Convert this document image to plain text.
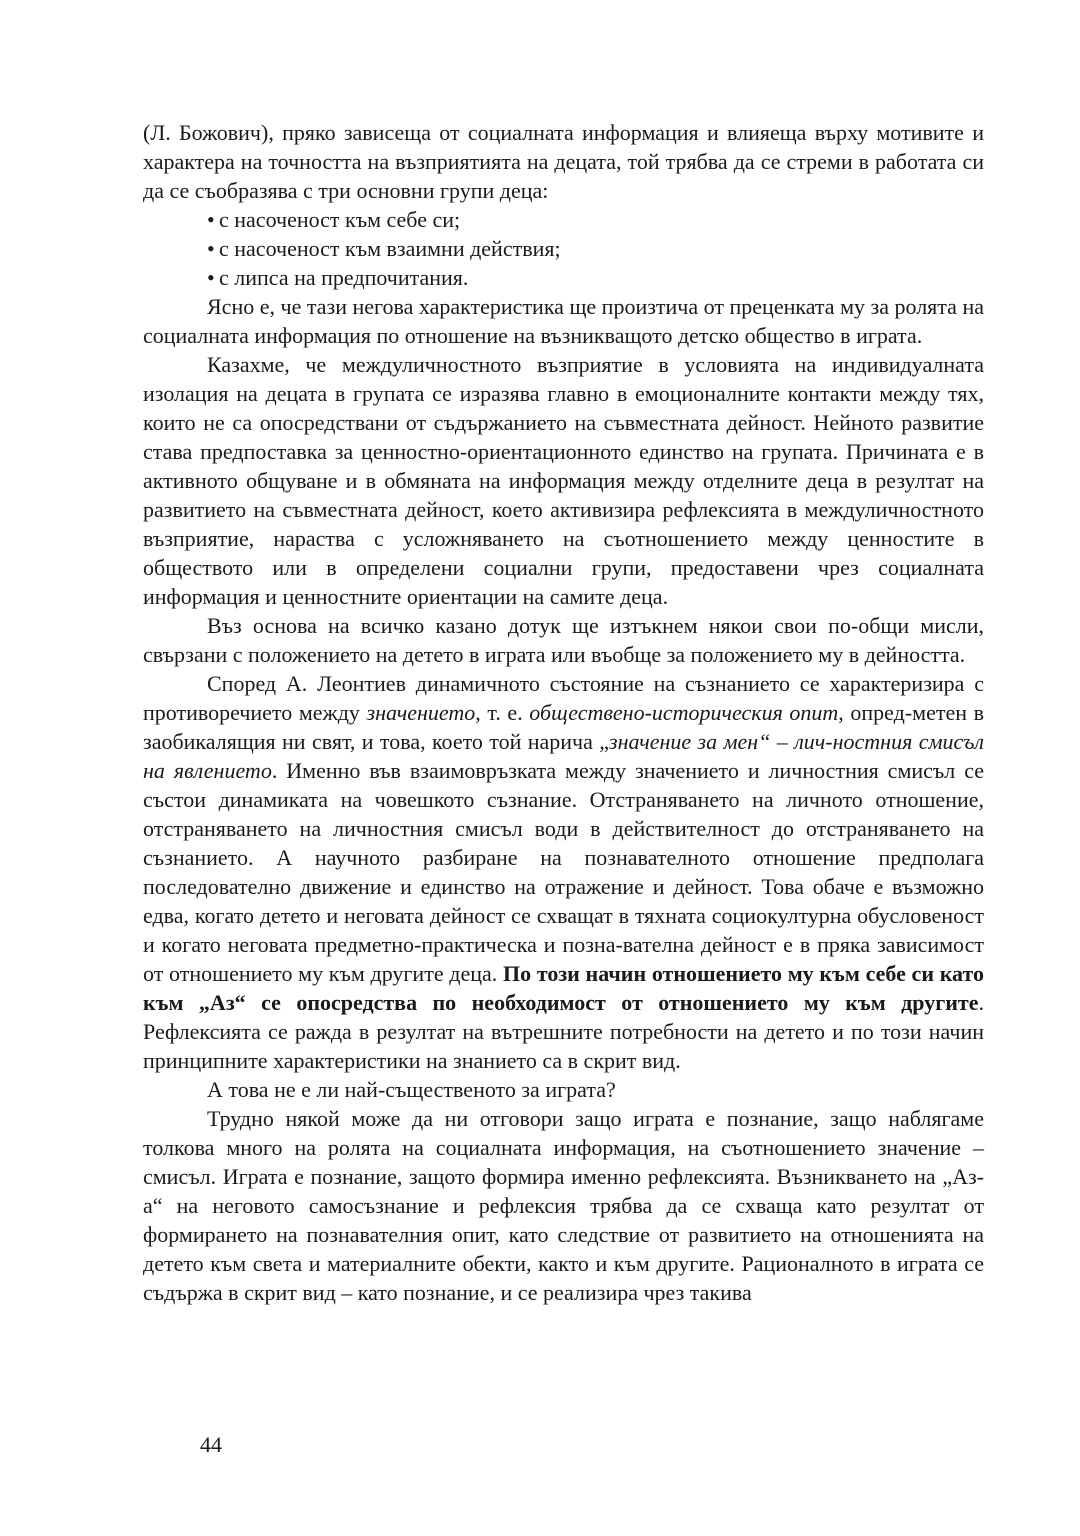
(Л. Божович), пряко зависеща от социалната информация и влияеща върху мотивите и характера на точността на възприятията на децата, той трябва да се стреми в работата си да се съобразява с три основни групи деца:

• с насоченост към себе си;

• с насоченост към взаимни действия;

• с липса на предпочитания.

Ясно е, че тази негова характеристика ще произтича от преценката му за ролята на социалната информация по отношение на възникващото детско общество в играта.

Казахме, че междуличностното възприятие в условията на индивидуалната изолация на децата в групата се изразява главно в емоционалните контакти между тях, които не са опосредствани от съдържанието на съвместната дейност. Нейното развитие става предпоставка за ценностно-ориентационното единство на групата. Причината е в активното общуване и в обмяната на информация между отделните деца в резултат на развитието на съвместната дейност, което активизира рефлексията в междуличностното възприятие, нараства с усложняването на съотношението между ценностите в обществото или в определени социални групи, предоставени чрез социалната информация и ценностните ориентации на самите деца.

Въз основа на всичко казано дотук ще изтъкнем някои свои по-общи мисли, свързани с положението на детето в играта или въобще за положението му в дейността.

Според А. Леонтиев динамичното състояние на съзнанието се характеризира с противоречието между значението, т. е. обществено-историческия опит, опред-метен в заобикалящия ни свят, и това, което той нарича „значение за мен“ – лич-ностния смисъл на явлението. Именно във взаимовръзката между значението и личностния смисъл се състои динамиката на човешкото съзнание. Отстраняването на личното отношение, отстраняването на личностния смисъл води в действителност до отстраняването на съзнанието. А научното разбиране на познавателното отношение предполага последователно движение и единство на отражение и дейност. Това обаче е възможно едва, когато детето и неговата дейност се схващат в тяхната социокултурна обусловеност и когато неговата предметно-практическа и позна-вателна дейност е в пряка зависимост от отношението му към другите деца. По този начин отношението му към себе си като към „Аз“ се опосредства по необходимост от отношението му към другите. Рефлексията се ражда в резултат на вътрешните потребности на детето и по този начин принципните характеристики на знанието са в скрит вид.

А това не е ли най-същественото за играта?

Трудно някой може да ни отговори защо играта е познание, защо наблягаме толкова много на ролята на социалната информация, на съотношението значение – смисъл. Играта е познание, защото формира именно рефлексията. Възникването на „Аз-а“ на неговото самосъзнание и рефлексия трябва да се схваща като резултат от формирането на познавателния опит, като следствие от развитието на отношенията на детето към света и материалните обекти, както и към другите. Рационалното в играта се съдържа в скрит вид – като познание, и се реализира чрез такива

44
